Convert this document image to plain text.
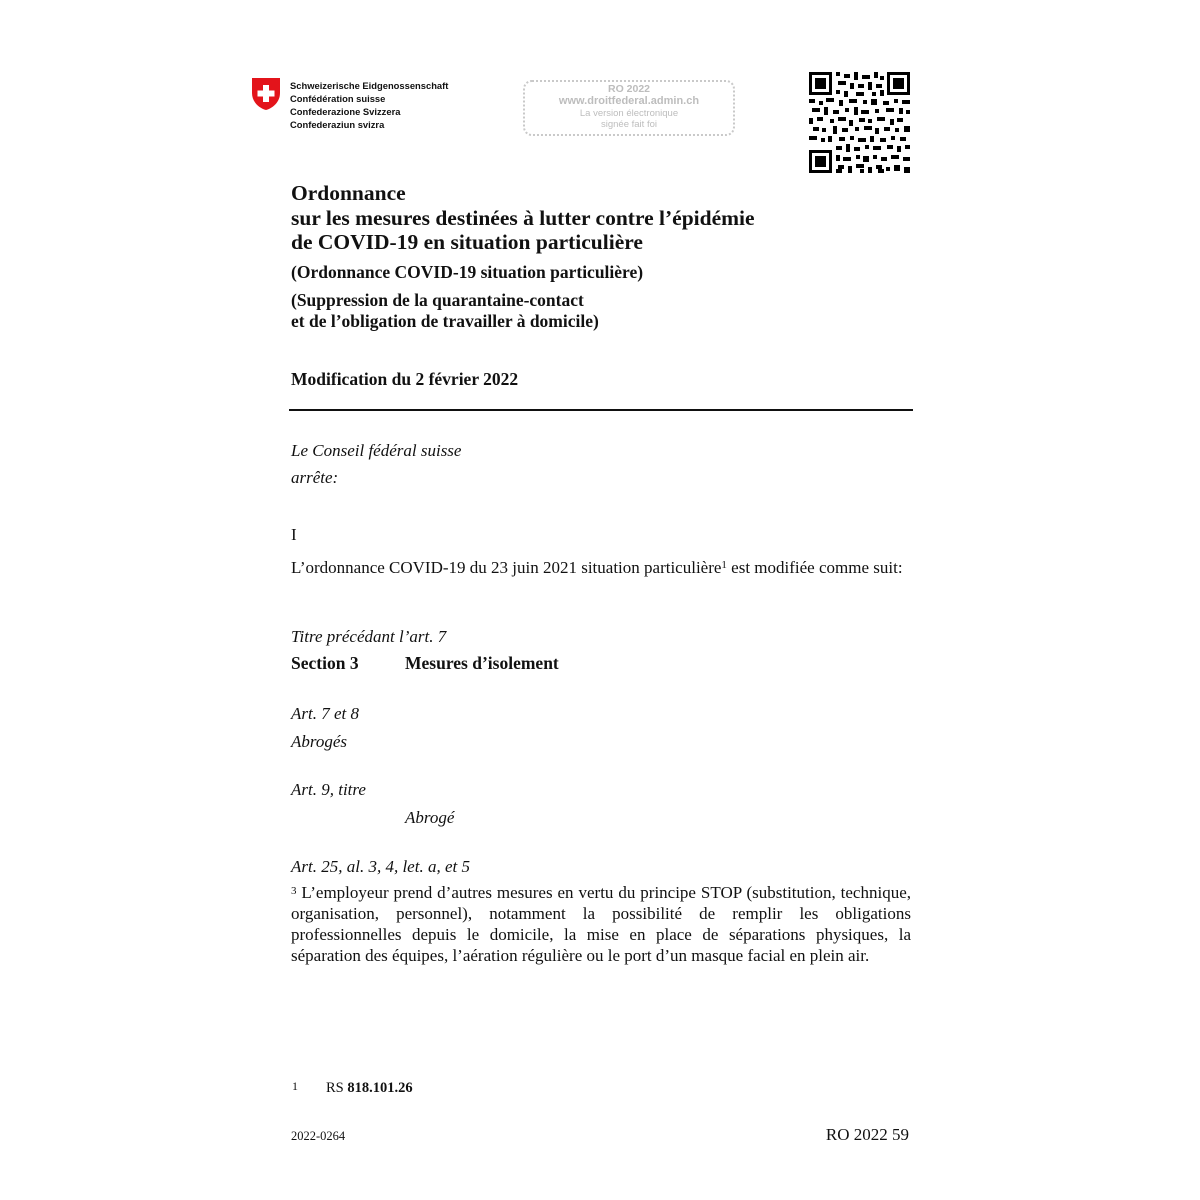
Schweizerische Eidgenossenschaft
Confédération suisse
Confederazione Svizzera
Confederaziun svizra
RO 2022
www.droitfederal.admin.ch
La version électronique
signée fait foi
Ordonnance
sur les mesures destinées à lutter contre l’épidémie
de COVID-19 en situation particulière
(Ordonnance COVID-19 situation particulière)
(Suppression de la quarantaine-contact
et de l’obligation de travailler à domicile)
Modification du 2 février 2022
Le Conseil fédéral suisse
arrête:
I
L’ordonnance COVID-19 du 23 juin 2021 situation particulière$^1$ est modifiée comme suit:
Titre précédant l’art. 7
Section 3	Mesures d’isolement
Art. 7 et 8
Abrogés
Art. 9, titre
Abrogé
Art. 25, al. 3, 4, let. a, et 5
$^3$ L’employeur prend d’autres mesures en vertu du principe STOP (substitution, technique, organisation, personnel), notamment la possibilité de remplir les obligations professionnelles depuis le domicile, la mise en place de séparations physiques, la séparation des équipes, l’aération régulière ou le port d’un masque facial en plein air.
1 RS 818.101.26
2022-0264	RO 2022 59
